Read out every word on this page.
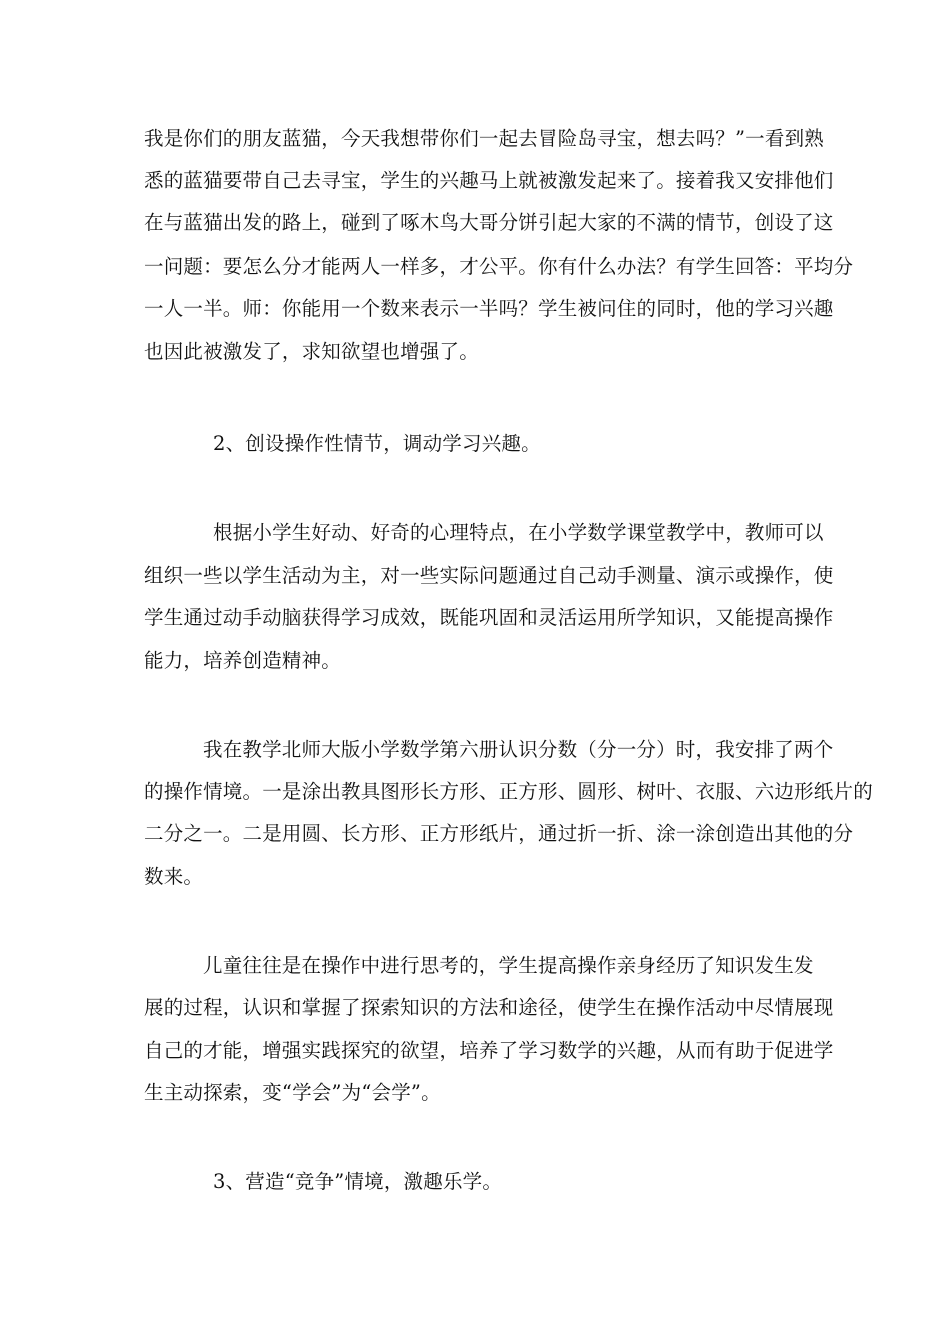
我是你们的朋友蓝猫，今天我想带你们一起去冒险岛寻宝，想去吗？”一看到熟
悉的蓝猫要带自己去寻宝，学生的兴趣马上就被激发起来了。接着我又安排他们
在与蓝猫出发的路上，碰到了啄木鸟大哥分饼引起大家的不满的情节，创设了这
一问题：要怎么分才能两人一样多，才公平。你有什么办法？有学生回答：平均分
一人一半。师：你能用一个数来表示一半吗？学生被问住的同时，他的学习兴趣
也因此被激发了，求知欲望也增强了。
2、创设操作性情节，调动学习兴趣。
根据小学生好动、好奇的心理特点，在小学数学课堂教学中，教师可以
组织一些以学生活动为主，对一些实际问题通过自己动手测量、演示或操作，使
学生通过动手动脑获得学习成效，既能巩固和灵活运用所学知识，又能提高操作
能力，培养创造精神。
我在教学北师大版小学数学第六册认识分数（分一分）时，我安排了两个
的操作情境。一是涂出教具图形长方形、正方形、圆形、树叶、衣服、六边形纸片的
二分之一。二是用圆、长方形、正方形纸片，通过折一折、涂一涂创造出其他的分
数来。
儿童往往是在操作中进行思考的，学生提高操作亲身经历了知识发生发
展的过程，认识和掌握了探索知识的方法和途径，使学生在操作活动中尽情展现
自己的才能，增强实践探究的欲望，培养了学习数学的兴趣，从而有助于促进学
生主动探索，变“学会”为“会学”。
3、营造“竞争”情境，激趣乐学。
